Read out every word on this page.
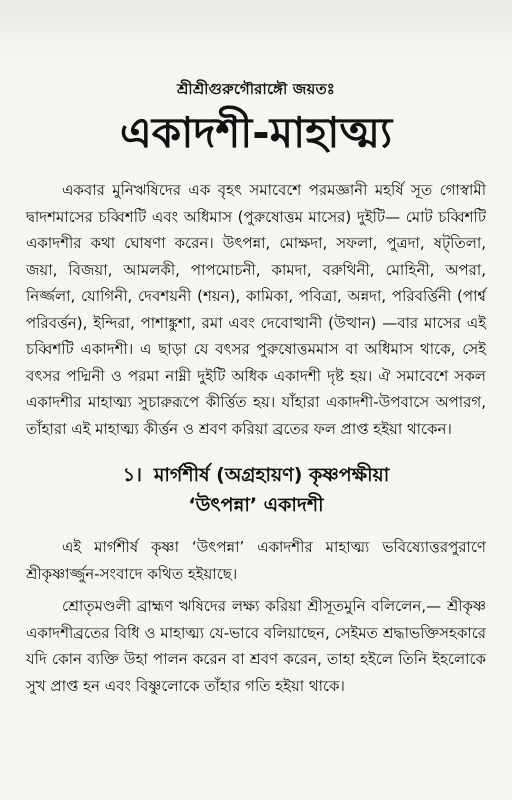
শ্রীশ্রীগুরুগৌরাঙ্গৌ জয়তঃ
একাদশী-মাহাত্ম্য

একবার মুনিঋষিদের এক বৃহৎ সমাবেশে পরমজ্ঞানী মহর্ষি সূত গোস্বামী দ্বাদশমাসের চব্বিশটি এবং অধিমাস (পুরুষোত্তম মাসের) দুইটি— মোট চব্বিশটি একাদশীর কথা ঘোষণা করেন। উৎপন্না, মোক্ষদা, সফলা, পুত্রদা, ষট্‌তিলা, জয়া, বিজয়া, আমলকী, পাপমোচনী, কামদা, বরুথিনী, মোহিনী, অপরা, নির্জ্জলা, যোগিনী, দেবশয়নী (শয়ন), কামিকা, পবিত্রা, অন্নদা, পরিবর্ত্তিনী (পার্শ্ব পরিবর্ত্তন), ইন্দিরা, পাশাঙ্কুশা, রমা এবং দেবোত্থানী (উত্থান) —বার মাসের এই চব্বিশটি একাদশী। এ ছাড়া যে বৎসর পুরুষোত্তমমাস বা অধিমাস থাকে, সেই বৎসর পদ্মিনী ও পরমা নাম্নী দুইটি অধিক একাদশী দৃষ্ট হয়। ঐ সমাবেশে সকল একাদশীর মাহাত্ম্য সুচারুরূপে কীর্ত্তিত হয়। যাঁহারা একাদশী-উপবাসে অপারগ, তাঁহারা এই মাহাত্ম্য কীর্ত্তন ও শ্রবণ করিয়া ব্রতের ফল প্রাপ্ত হইয়া থাকেন।

১। মার্গশীর্ষ (অগ্রহায়ণ) কৃষ্ণপক্ষীয়া
‘উৎপন্না’ একাদশী

এই মার্গশীর্ষ কৃষ্ণা ‘উৎপন্না’ একাদশীর মাহাত্ম্য ভবিষ্যোত্তরপুরাণে শ্রীকৃষ্ণার্জ্জুন-সংবাদে কথিত হইয়াছে।

শ্রোতৃমণ্ডলী ব্রাহ্মণ ঋষিদের লক্ষ্য করিয়া শ্রীসূতমুনি বলিলেন,— শ্রীকৃষ্ণ একাদশীব্রতের বিধি ও মাহাত্ম্য যে-ভাবে বলিয়াছেন, সেইমত শ্রদ্ধাভক্তিসহকারে যদি কোন ব্যক্তি উহা পালন করেন বা শ্রবণ করেন, তাহা হইলে তিনি ইহলোকে সুখ প্রাপ্ত হন এবং বিষ্ণুলোকে তাঁহার গতি হইয়া থাকে।
